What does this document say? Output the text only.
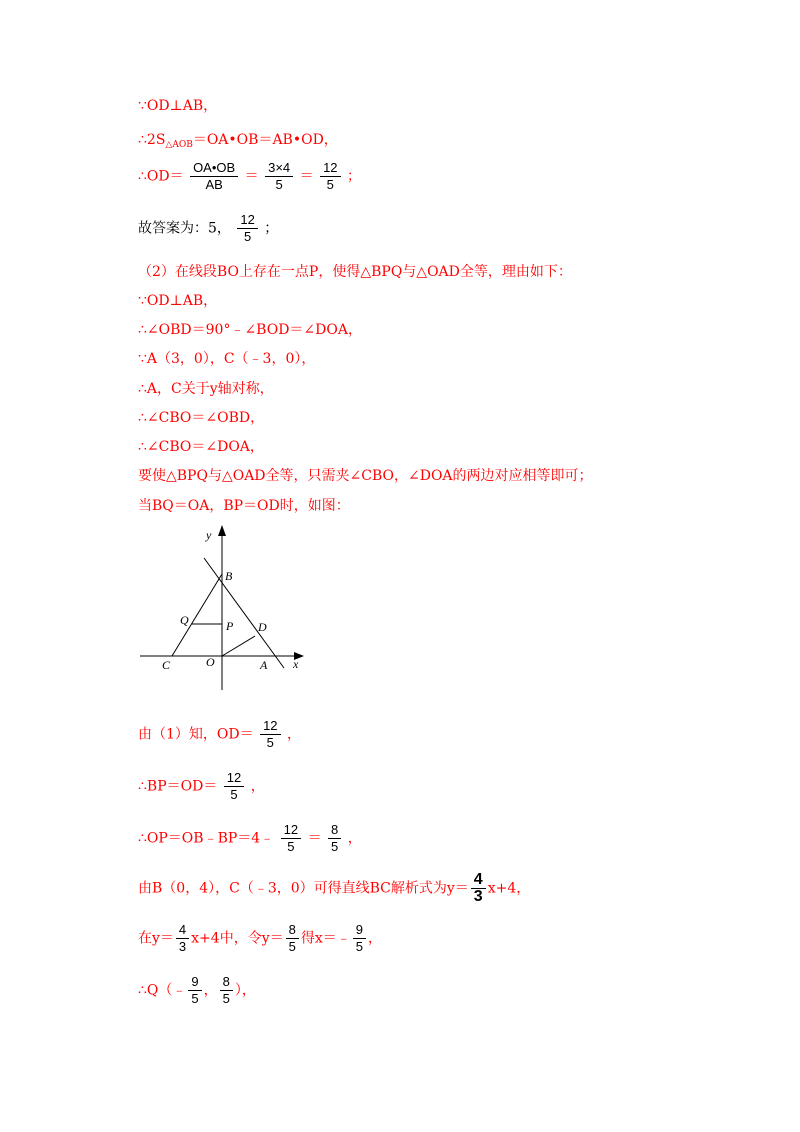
∵OD⊥AB，
$\therefore 2S_{\triangle AOB}=OA•OB=AB•OD$，
∴OD＝ $\frac{OA•OB}{AB} = \frac{3\times 4}{5} = \frac{12}{5}$ ；
故答案为：5， $\frac{12}{5}$ ；
（2）在线段BO上存在一点P，使得△BPQ与△OAD全等，理由如下：
∵OD⊥AB，
∴∠OBD＝90°﹣∠BOD＝∠DOA，
∵A（3，0），C（﹣3，0），
∴A，C关于y轴对称，
∴∠CBO＝∠OBD，
∴∠CBO＝∠DOA，
要使△BPQ与△OAD全等，只需夹∠CBO，∠DOA的两边对应相等即可；
当BQ＝OA，BP＝OD时，如图：
y
x
B
Q	P D
C	O	A
由（1）知，$OD= \frac{12}{5}$ ，
∴BP＝OD＝ $\frac{12}{5}$ ，
∴OP＝OB﹣BP＝4﹣ $\frac{12}{5} = \frac{8}{5}$ ，
由B（0，4），C（﹣3，0）可得直线BC解析式为$y= \frac{4}{3} x+4$，
在$y= \frac{4}{3} x+4$中，令$y= \frac{8}{5}$ 得x＝﹣ $\frac{9}{5}$ ，
∴Q（﹣ $\frac{9}{5}$ ， $\frac{8}{5}$ ），
